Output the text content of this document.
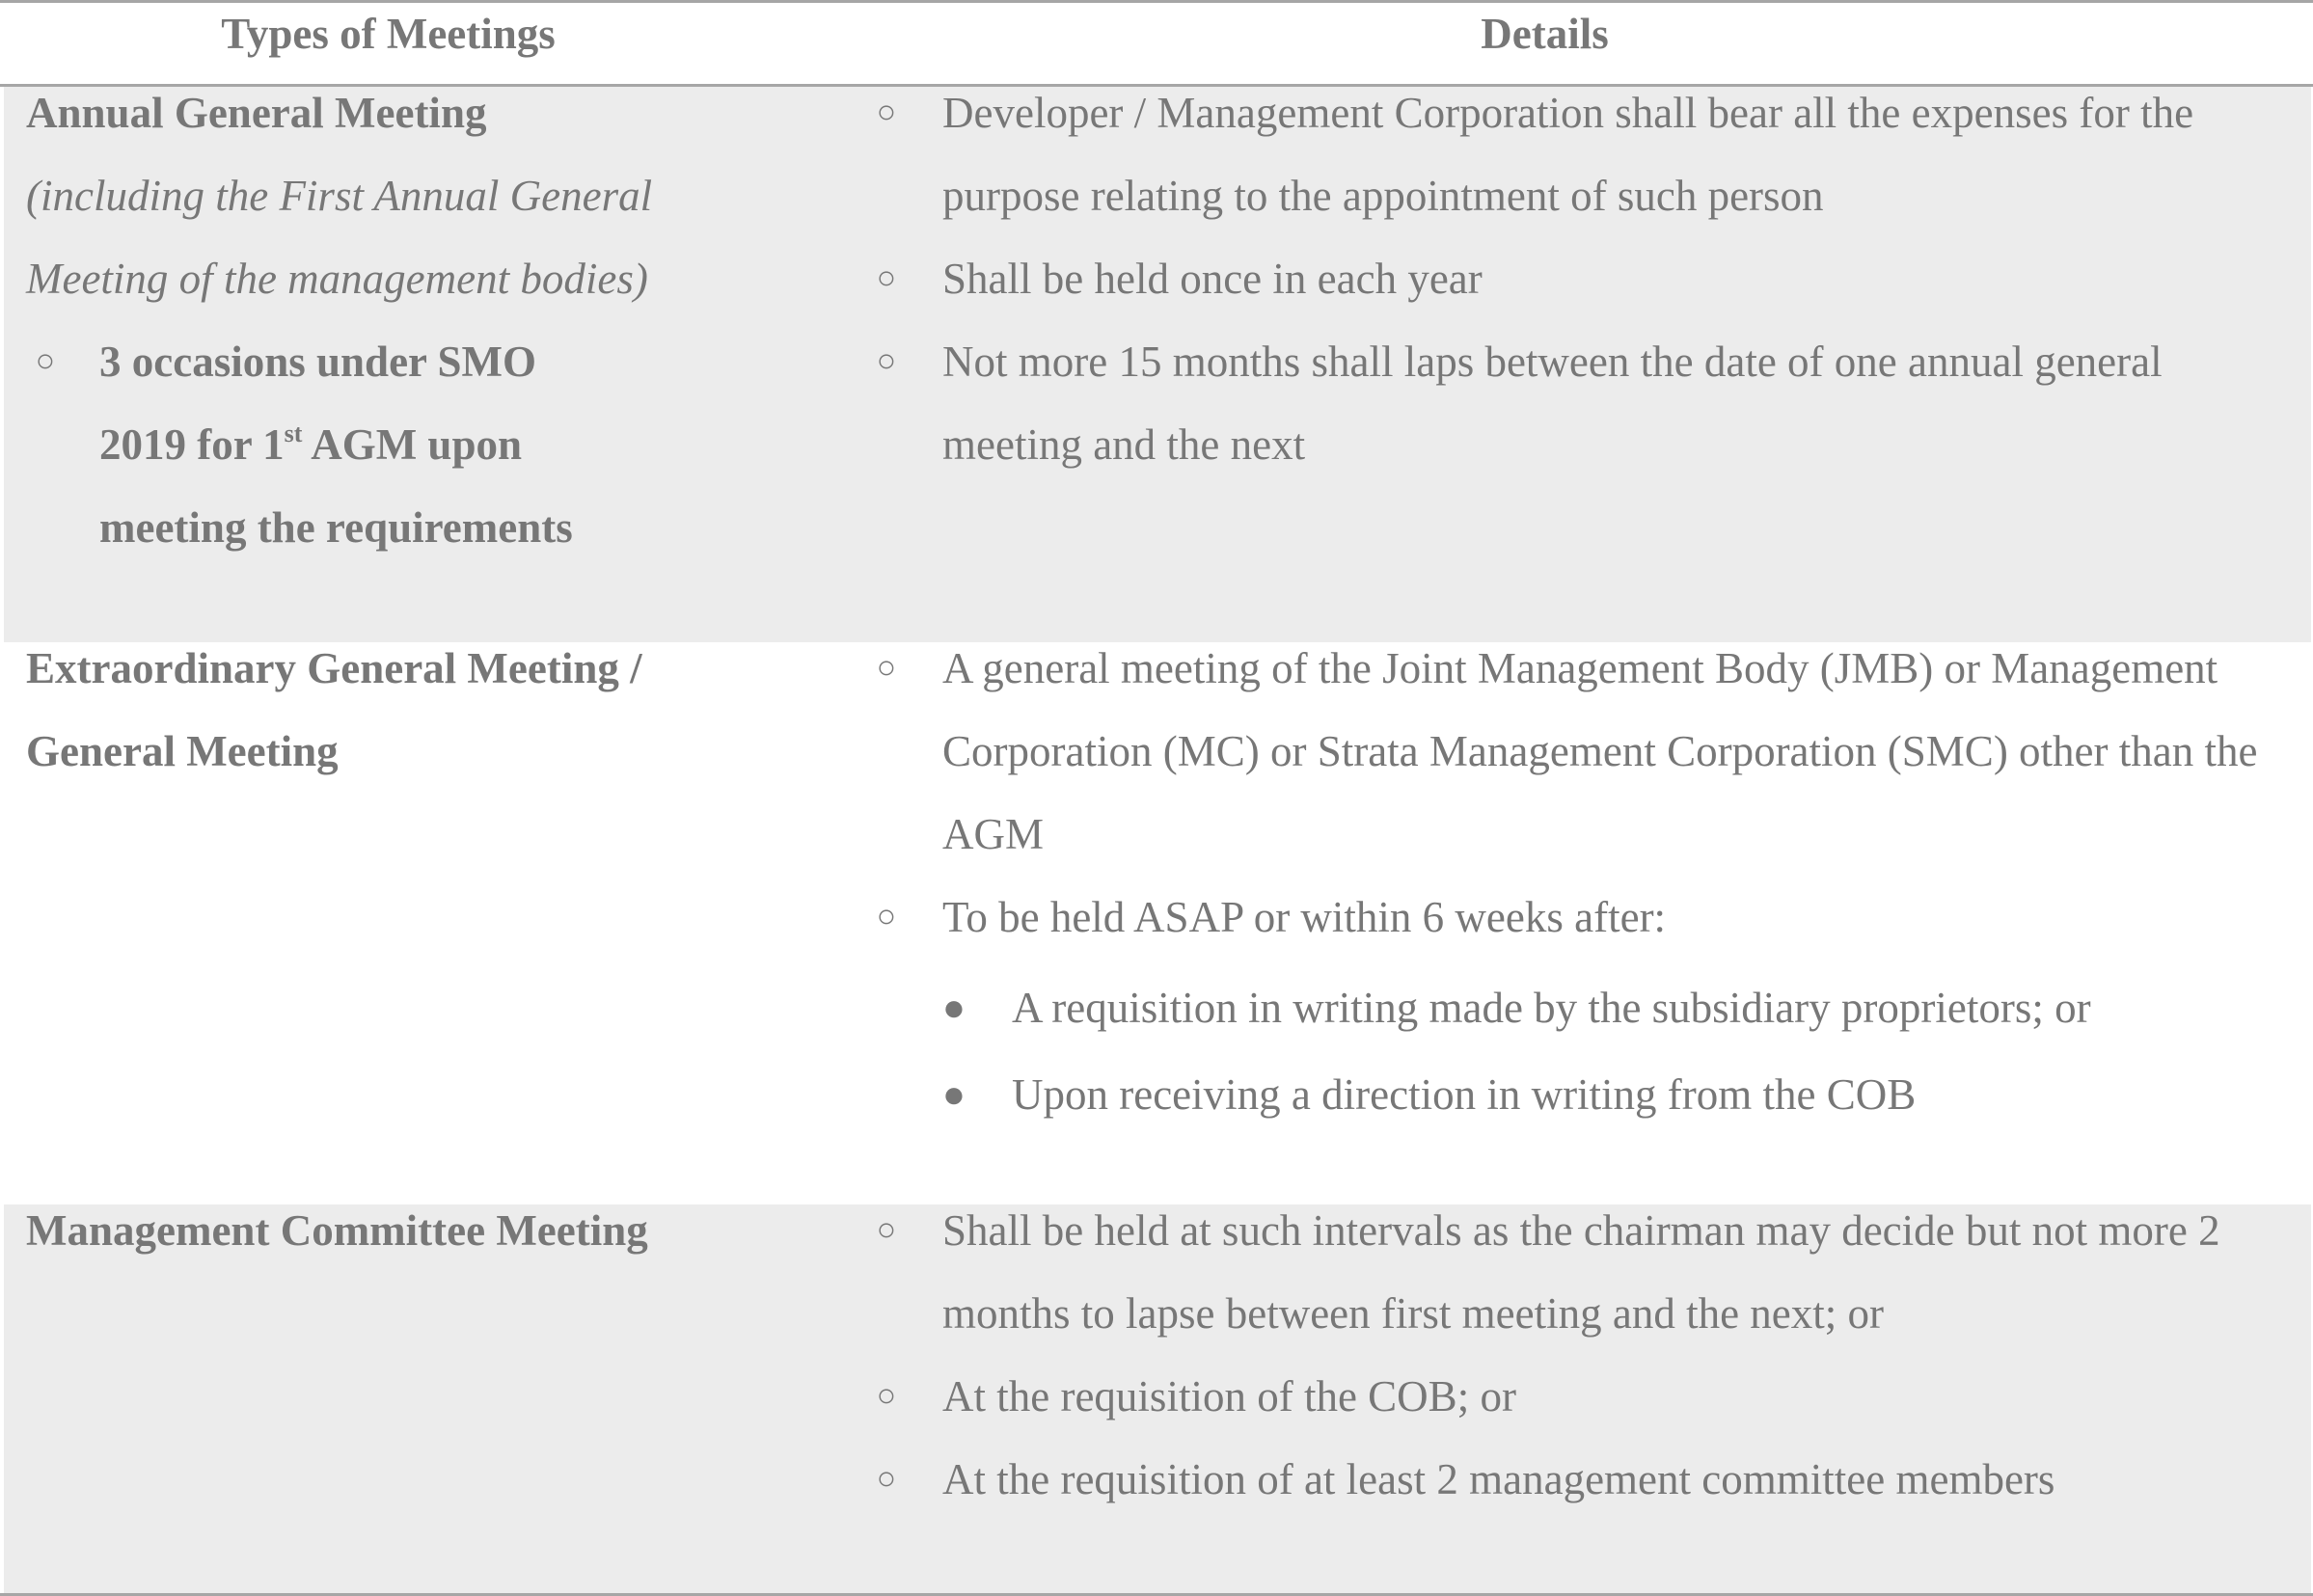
Types of Meetings	Details
Annual General Meeting
(including the First Annual General Meeting of the management bodies)
○ 3 occasions under SMO 2019 for 1st AGM upon meeting the requirements
○ Developer / Management Corporation shall bear all the expenses for the purpose relating to the appointment of such person
○ Shall be held once in each year
○ Not more 15 months shall laps between the date of one annual general meeting and the next
Extraordinary General Meeting / General Meeting
○ A general meeting of the Joint Management Body (JMB) or Management Corporation (MC) or Strata Management Corporation (SMC) other than the AGM
○ To be held ASAP or within 6 weeks after:
● A requisition in writing made by the subsidiary proprietors; or
● Upon receiving a direction in writing from the COB
Management Committee Meeting	○ Shall be held at such intervals as the chairman may decide but not more 2 months to lapse between first meeting and the next; or
○ At the requisition of the COB; or
○ At the requisition of at least 2 management committee members
